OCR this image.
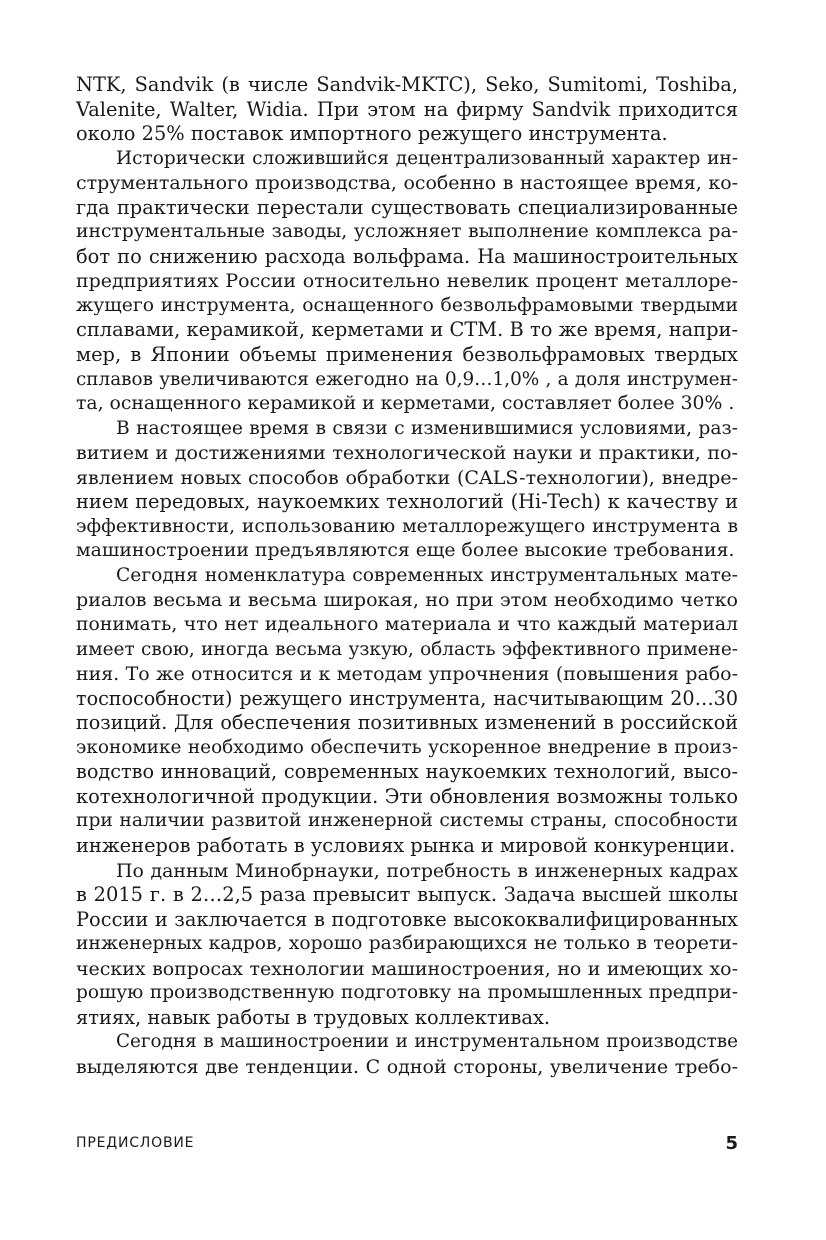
NTK, Sandvik (в числе Sandvik-MKTC), Seko, Sumitomi, Toshiba,
Valenite, Walter, Widia. При этом на фирму Sandvik приходится
около 25% поставок импортного режущего инструмента.
Исторически сложившийся децентрализованный характер ин-
струментального производства, особенно в настоящее время, ко-
гда практически перестали существовать специализированные
инструментальные заводы, усложняет выполнение комплекса ра-
бот по снижению расхода вольфрама. На машиностроительных
предприятиях России относительно невелик процент металлоре-
жущего инструмента, оснащенного безвольфрамовыми твердыми
сплавами, керамикой, керметами и СТМ. В то же время, напри-
мер, в Японии объемы применения безвольфрамовых твердых
сплавов увеличиваются ежегодно на 0,9…1,0% , а доля инструмен-
та, оснащенного керамикой и керметами, составляет более 30% .
В настоящее время в связи с изменившимися условиями, раз-
витием и достижениями технологической науки и практики, по-
явлением новых способов обработки (CALS-технологии), внедре-
нием передовых, наукоемких технологий (Hi-Tech) к качеству и
эффективности, использованию металлорежущего инструмента в
машиностроении предъявляются еще более высокие требования.
Сегодня номенклатура современных инструментальных мате-
риалов весьма и весьма широкая, но при этом необходимо четко
понимать, что нет идеального материала и что каждый материал
имеет свою, иногда весьма узкую, область эффективного примене-
ния. То же относится и к методам упрочнения (повышения рабо-
тоспособности) режущего инструмента, насчитывающим 20…30
позиций. Для обеспечения позитивных изменений в российской
экономике необходимо обеспечить ускоренное внедрение в произ-
водство инноваций, современных наукоемких технологий, высо-
котехнологичной продукции. Эти обновления возможны только
при наличии развитой инженерной системы страны, способности
инженеров работать в условиях рынка и мировой конкуренции.
По данным Минобрнауки, потребность в инженерных кадрах
в 2015 г. в 2…2,5 раза превысит выпуск. Задача высшей школы
России и заключается в подготовке высококвалифицированных
инженерных кадров, хорошо разбирающихся не только в теорети-
ческих вопросах технологии машиностроения, но и имеющих хо-
рошую производственную подготовку на промышленных предпри-
ятиях, навык работы в трудовых коллективах.
Сегодня в машиностроении и инструментальном производстве
выделяются две тенденции. С одной стороны, увеличение требо-
ПРЕДИСЛОВИЕ	5
